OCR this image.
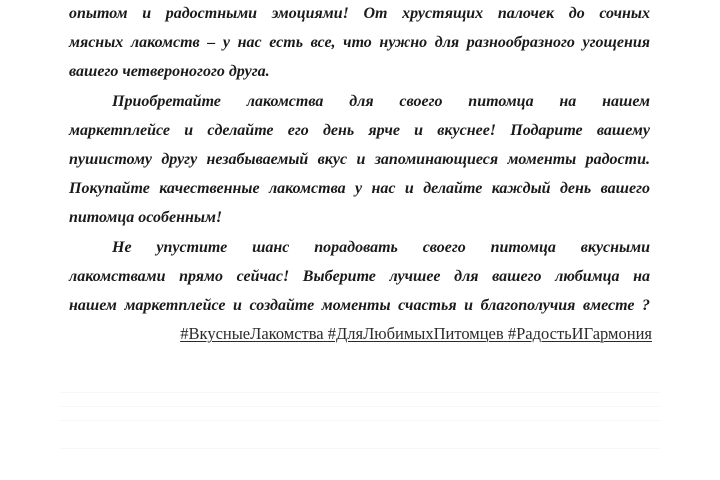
опытом и радостными эмоциями! От хрустящих палочек до сочных
мясных лакомств – у нас есть все, что нужно для разнообразного угощения
вашего четвероногого друга.
Приобретайте лакомства для своего питомца на нашем
маркетплейсе и сделайте его день ярче и вкуснее! Подарите вашему
пушистому другу незабываемый вкус и запоминающиеся моменты радости.
Покупайте качественные лакомства у нас и делайте каждый день вашего
питомца особенным!
Не упустите шанс порадовать своего питомца вкусными
лакомствами прямо сейчас! Выберите лучшее для вашего любимца на
нашем маркетплейсе и создайте моменты счастья и благополучия вместе ?
#ВкусныеЛакомства #ДляЛюбимыхПитомцев #РадостьИГармония
